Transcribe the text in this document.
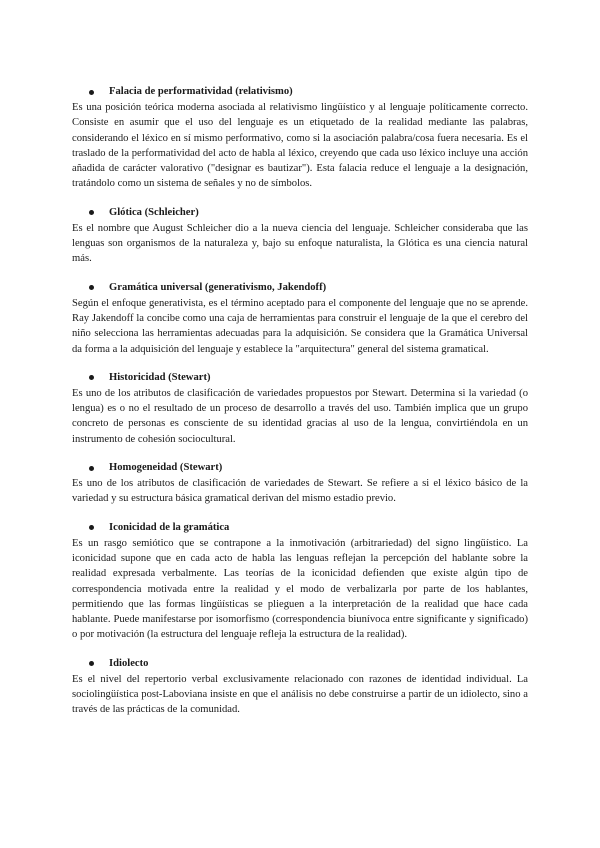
Falacia de performatividad (relativismo)

Es una posición teórica moderna asociada al relativismo lingüístico y al lenguaje políticamente correcto. Consiste en asumir que el uso del lenguaje es un etiquetado de la realidad mediante las palabras, considerando el léxico en sí mismo performativo, como si la asociación palabra/cosa fuera necesaria. Es el traslado de la performatividad del acto de habla al léxico, creyendo que cada uso léxico incluye una acción añadida de carácter valorativo ("designar es bautizar"). Esta falacia reduce el lenguaje a la designación, tratándolo como un sistema de señales y no de símbolos.

Glótica (Schleicher)

Es el nombre que August Schleicher dio a la nueva ciencia del lenguaje. Schleicher consideraba que las lenguas son organismos de la naturaleza y, bajo su enfoque naturalista, la Glótica es una ciencia natural más.

Gramática universal (generativismo, Jakendoff)

Según el enfoque generativista, es el término aceptado para el componente del lenguaje que no se aprende. Ray Jakendoff la concibe como una caja de herramientas para construir el lenguaje de la que el cerebro del niño selecciona las herramientas adecuadas para la adquisición. Se considera que la Gramática Universal da forma a la adquisición del lenguaje y establece la "arquitectura" general del sistema gramatical.

Historicidad (Stewart)

Es uno de los atributos de clasificación de variedades propuestos por Stewart. Determina si la variedad (o lengua) es o no el resultado de un proceso de desarrollo a través del uso. También implica que un grupo concreto de personas es consciente de su identidad gracias al uso de la lengua, convirtiéndola en un instrumento de cohesión sociocultural.

Homogeneidad (Stewart)

Es uno de los atributos de clasificación de variedades de Stewart. Se refiere a si el léxico básico de la variedad y su estructura básica gramatical derivan del mismo estadio previo.

Iconicidad de la gramática

Es un rasgo semiótico que se contrapone a la inmotivación (arbitrariedad) del signo lingüístico. La iconicidad supone que en cada acto de habla las lenguas reflejan la percepción del hablante sobre la realidad expresada verbalmente. Las teorías de la iconicidad defienden que existe algún tipo de correspondencia motivada entre la realidad y el modo de verbalizarla por parte de los hablantes, permitiendo que las formas lingüísticas se plieguen a la interpretación de la realidad que hace cada hablante. Puede manifestarse por isomorfismo (correspondencia biunívoca entre significante y significado) o por motivación (la estructura del lenguaje refleja la estructura de la realidad).

Idiolecto

Es el nivel del repertorio verbal exclusivamente relacionado con razones de identidad individual. La sociolingüística post-Laboviana insiste en que el análisis no debe construirse a partir de un idiolecto, sino a través de las prácticas de la comunidad.
